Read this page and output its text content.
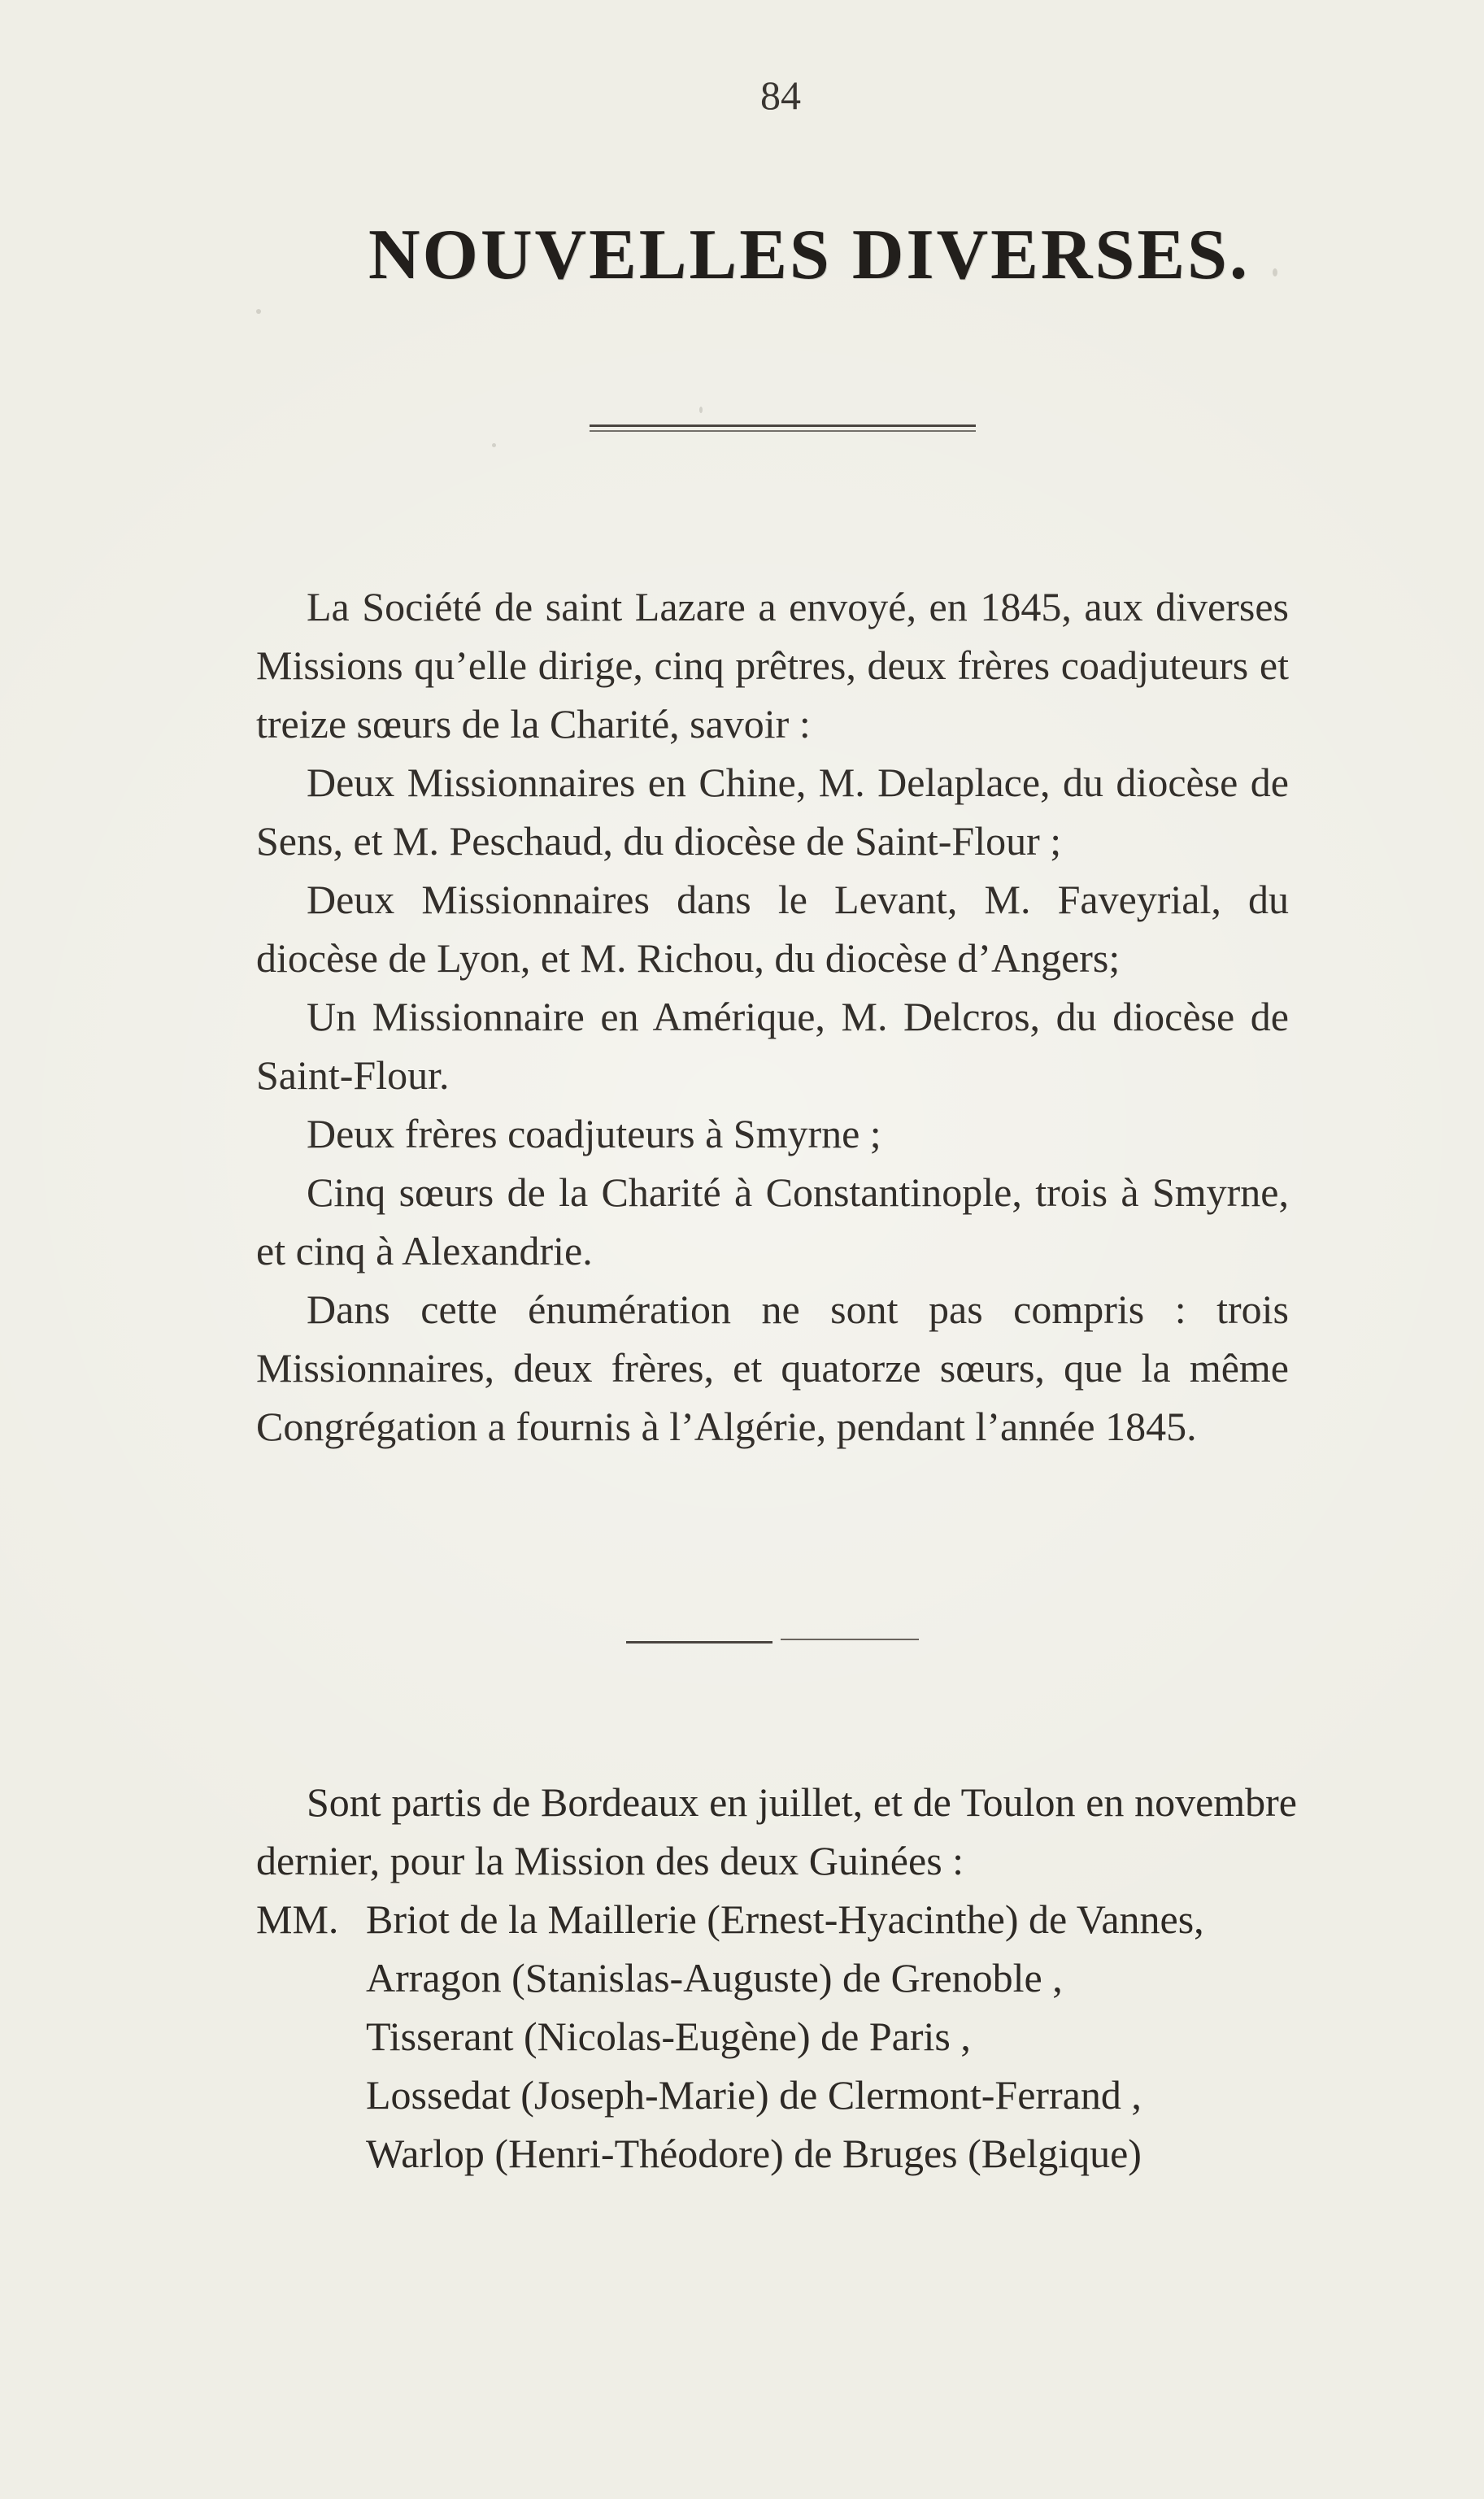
84
NOUVELLES DIVERSES.

La Société de saint Lazare a envoyé, en 1845, aux diverses Missions qu’elle dirige, cinq prêtres, deux frères coadjuteurs et treize sœurs de la Charité, savoir :

Deux Missionnaires en Chine, M. Delaplace, du diocèse de Sens, et M. Peschaud, du diocèse de Saint-Flour ;

Deux Missionnaires dans le Levant, M. Faveyrial, du diocèse de Lyon, et M. Richou, du diocèse d’Angers;

Un Missionnaire en Amérique, M. Delcros, du diocèse de Saint-Flour.

Deux frères coadjuteurs à Smyrne ;

Cinq sœurs de la Charité à Constantinople, trois à Smyrne, et cinq à Alexandrie.

Dans cette énumération ne sont pas compris : trois Missionnaires, deux frères, et quatorze sœurs, que la même Congrégation a fournis à l’Algérie, pendant l’année 1845.

Sont partis de Bordeaux en juillet, et de Toulon en novembre dernier, pour la Mission des deux Guinées :

MM. Briot de la Maillerie (Ernest-Hyacinthe) de Vannes,
Arragon (Stanislas-Auguste) de Grenoble ,
Tisserant (Nicolas-Eugène) de Paris ,
Lossedat (Joseph-Marie) de Clermont-Ferrand ,
Warlop (Henri-Théodore) de Bruges (Belgique)
